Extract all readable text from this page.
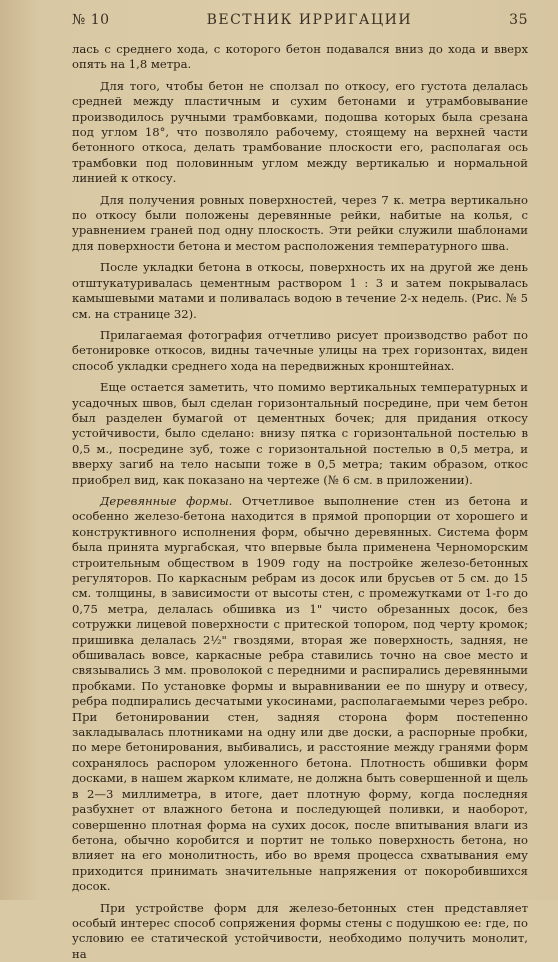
№ 10	ВЕСТНИК ИРРИГАЦИИ	35

лась с среднего хода, с которого бетон подавался вниз до хода и вверх опять на 1,8 метра.

Для того, чтобы бетон не сползал по откосу, его густота делалась средней между пластичным и сухим бетонами и утрамбовывание производилось ручными трамбовками, подошва которых была срезана под углом 18°, что позволяло рабочему, стоящему на верхней части бетонного откоса, делать трамбование плоскости его, располагая ось трамбовки под половинным углом между вертикалью и нормальной линией к откосу.

Для получения ровных поверхностей, через 7 к. метра вертикально по откосу были положены деревянные рейки, набитые на колья, с уравнением граней под одну плоскость. Эти рейки служили шаблонами для поверхности бетона и местом расположения температурного шва.

После укладки бетона в откосы, поверхность их на другой же день отштукатуривалась цементным раствором 1 : 3 и затем покрывалась камышевыми матами и поливалась водою в течение 2-х недель. (Рис. № 5 см. на странице 32).

Прилагаемая фотография отчетливо рисует производство работ по бетонировке откосов, видны тачечные улицы на трех горизонтах, виден способ укладки среднего хода на передвижных кронштейнах.

Еще остается заметить, что помимо вертикальных температурных и усадочных швов, был сделан горизонтальный посредине, при чем бетон был разделен бумагой от цементных бочек; для придания откосу устойчивости, было сделано: внизу пятка с горизонтальной постелью в 0,5 м., посредине зуб, тоже с горизонтальной постелью в 0,5 метра, и вверху загиб на тело насыпи тоже в 0,5 метра; таким образом, откос приобрел вид, как показано на чертеже (№ 6 см. в приложении).

Деревянные формы. Отчетливое выполнение стен из бетона и особенно железо-бетона находится в прямой пропорции от хорошего и конструктивного исполнения форм, обычно деревянных. Система форм была принята мургабская, что впервые была применена Черноморским строительным обществом в 1909 году на постройке железо-бетонных регуляторов. По каркасным ребрам из досок или брусьев от 5 см. до 15 см. толщины, в зависимости от высоты стен, с промежутками от 1-го до 0,75 метра, делалась обшивка из 1" чисто обрезанных досок, без сотружки лицевой поверхности с притеской топором, под черту кромок; пришивка делалась 2½" гвоздями, вторая же поверхность, задняя, не обшивалась вовсе, каркасные ребра ставились точно на свое место и связывались 3 мм. проволокой с передними и распирались деревянными пробками. По установке формы и выравнивании ее по шнуру и отвесу, ребра подпирались десчатыми укосинами, располагаемыми через ребро. При бетонировании стен, задняя сторона форм постепенно закладывалась плотниками на одну или две доски, а распорные пробки, по мере бетонирования, выбивались, и расстояние между гранями форм сохранялось распором уложенного бетона. Плотность обшивки форм досками, в нашем жарком климате, не должна быть совершенной и щель в 2—3 миллиметра, в итоге, дает плотную форму, когда последняя разбухнет от влажного бетона и последующей поливки, и наоборот, совершенно плотная форма на сухих досок, после впитывания влаги из бетона, обычно коробится и портит не только поверхность бетона, но влияет на его монолитность, ибо во время процесса схватывания ему приходится принимать значительные напряжения от покоробившихся досок.

При устройстве форм для железо-бетонных стен представляет особый интерес способ сопряжения формы стены с подушкою ее: где, по условию ее статической устойчивости, необходимо получить монолит, на
